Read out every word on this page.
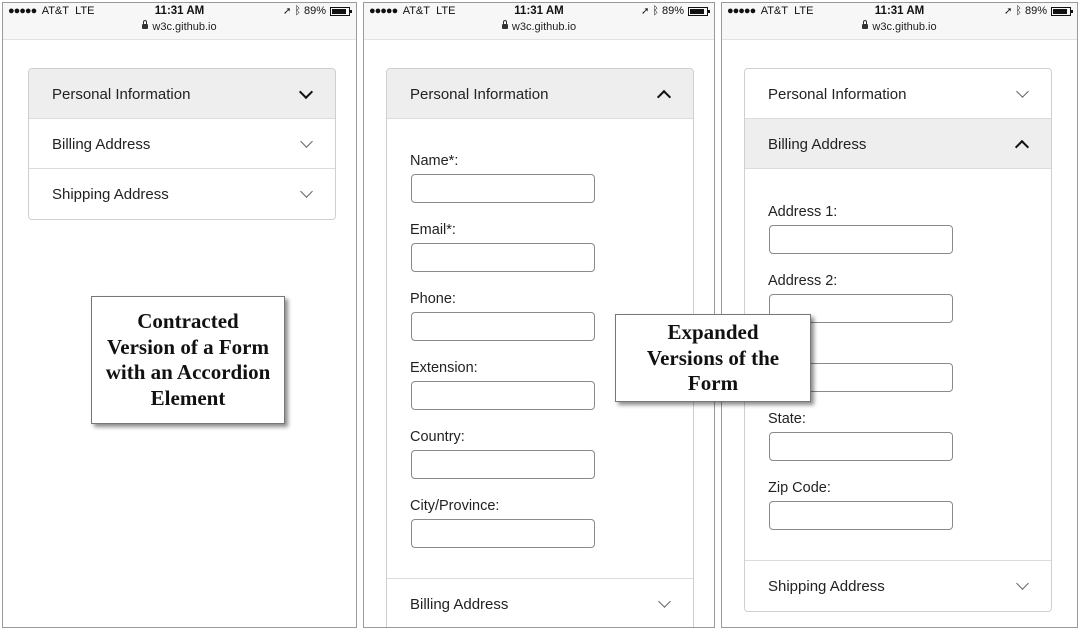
●●●●● AT&T LTE	11:31 AM	➚ ᛒ 89%
w3c.github.io
Personal Information
Billing Address
Shipping Address
●●●●● AT&T LTE	11:31 AM	➚ ᛒ 89%
w3c.github.io
Personal Information
Name*:
Email*:
Phone:
Extension:
Country:
City/Province:
Billing Address
●●●●● AT&T LTE	11:31 AM	➚ ᛒ 89%
w3c.github.io
Personal Information
Billing Address
Address 1:
Address 2:
State:
Zip Code:
Shipping Address
Contracted
Version of a Form
with an Accordion
Element
Expanded
Versions of the
Form
